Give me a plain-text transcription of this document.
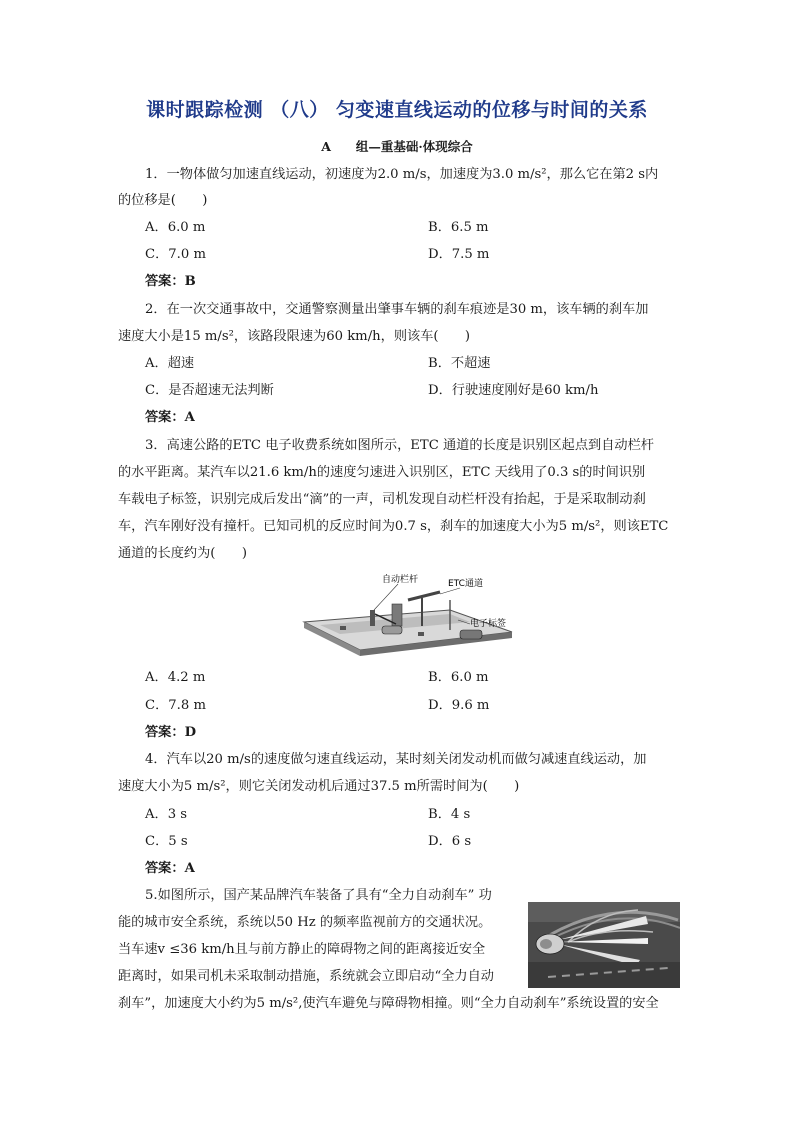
课时跟踪检测 （八） 匀变速直线运动的位移与时间的关系
A　　组—重基础·体现综合
1．一物体做匀加速直线运动，初速度为2.0 m/s，加速度为3.0 m/s²，那么它在第2 s内
的位移是(　　)
A．6.0 m	B．6.5 m
C．7.0 m	D．7.5 m
答案：B
2．在一次交通事故中，交通警察测量出肇事车辆的刹车痕迹是30 m，该车辆的刹车加
速度大小是15 m/s²，该路段限速为60 km/h，则该车(　　)
A．超速	B．不超速
C．是否超速无法判断	D．行驶速度刚好是60 km/h
答案：A
3．高速公路的ETC 电子收费系统如图所示，ETC 通道的长度是识别区起点到自动栏杆
的水平距离。某汽车以21.6 km/h的速度匀速进入识别区，ETC 天线用了0.3 s的时间识别
车载电子标签，识别完成后发出“滴”的一声，司机发现自动栏杆没有抬起，于是采取制动刹
车，汽车刚好没有撞杆。已知司机的反应时间为0.7 s，刹车的加速度大小为5 m/s²，则该ETC
通道的长度约为(　　)
自动栏杆	ETC通道
电子标签
A．4.2 m	B．6.0 m
C．7.8 m	D．9.6 m
答案：D
4．汽车以20 m/s的速度做匀速直线运动，某时刻关闭发动机而做匀减速直线运动，加
速度大小为5 m/s²，则它关闭发动机后通过37.5 m所需时间为(　　)
A．3 s	B．4 s
C．5 s	D．6 s
答案：A
5.如图所示，国产某品牌汽车装备了具有“全力自动刹车” 功
能的城市安全系统，系统以50 Hz 的频率监视前方的交通状况。
当车速v ≤36 km/h且与前方静止的障碍物之间的距离接近安全
距离时，如果司机未采取制动措施，系统就会立即启动“全力自动
刹车”，加速度大小约为5 m/s²,使汽车避免与障碍物相撞。则“全力自动刹车”系统设置的安全
